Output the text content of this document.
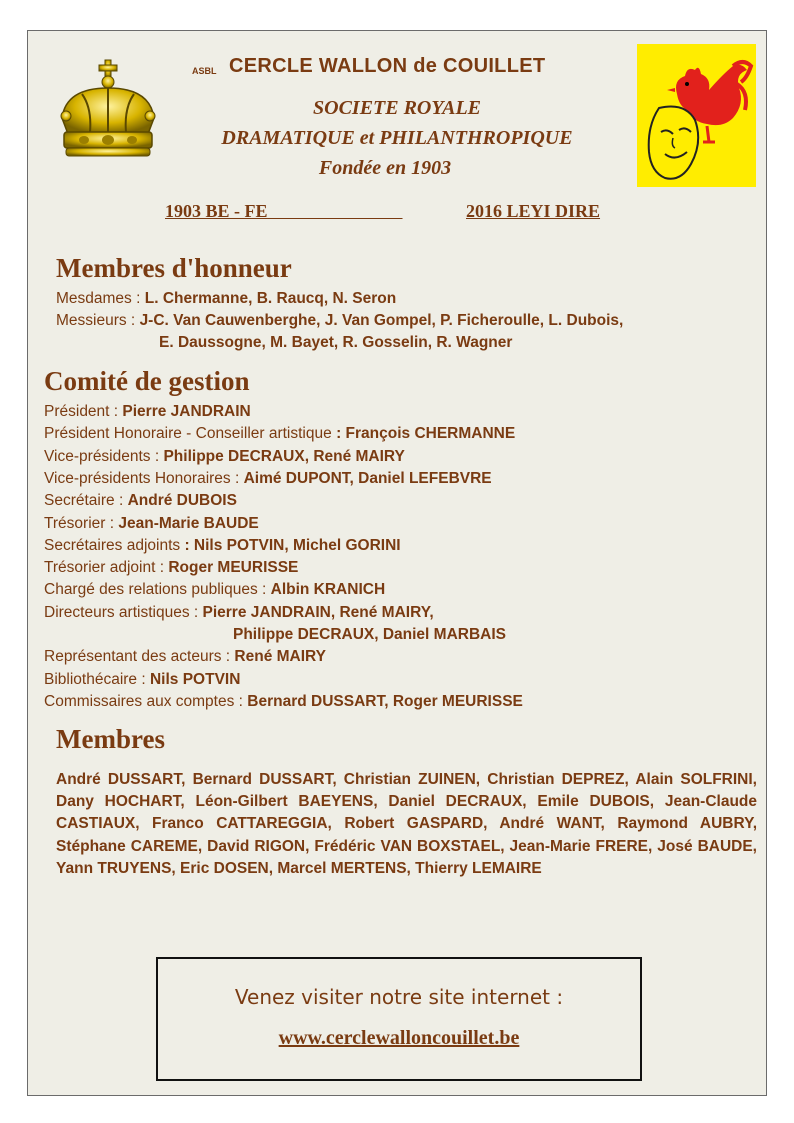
ASBL CERCLE WALLON de COUILLET
SOCIETE ROYALE
DRAMATIQUE et PHILANTHROPIQUE
Fondée en 1903
1903 BE - FE	2016 LEYI DIRE
Membres d'honneur
Mesdames : L. Chermanne, B. Raucq, N. Seron
Messieurs : J-C. Van Cauwenberghe, J. Van Gompel, P. Ficheroulle, L. Dubois,
E. Daussogne, M. Bayet, R. Gosselin, R. Wagner
Comité de gestion
Président : Pierre JANDRAIN
Président Honoraire - Conseiller artistique : François CHERMANNE
Vice-présidents : Philippe DECRAUX, René MAIRY
Vice-présidents Honoraires : Aimé DUPONT, Daniel LEFEBVRE
Secrétaire : André DUBOIS
Trésorier : Jean-Marie BAUDE
Secrétaires adjoints : Nils POTVIN, Michel GORINI
Trésorier adjoint : Roger MEURISSE
Chargé des relations publiques : Albin KRANICH
Directeurs artistiques : Pierre JANDRAIN, René MAIRY,
Philippe DECRAUX, Daniel MARBAIS
Représentant des acteurs : René MAIRY
Bibliothécaire : Nils POTVIN
Commissaires aux comptes : Bernard DUSSART, Roger MEURISSE
Membres
André DUSSART, Bernard DUSSART, Christian ZUINEN, Christian DEPREZ, Alain SOLFRINI, Dany HOCHART, Léon-Gilbert BAEYENS, Daniel DECRAUX, Emile DUBOIS, Jean-Claude CASTIAUX, Franco CATTAREGGIA, Robert GASPARD, André WANT, Raymond AUBRY, Stéphane CAREME, David RIGON, Frédéric VAN BOXSTAEL, Jean-Marie FRERE, José BAUDE, Yann TRUYENS, Eric DOSEN, Marcel MERTENS, Thierry LEMAIRE
Venez visiter notre site internet :
www.cerclewalloncouillet.be
